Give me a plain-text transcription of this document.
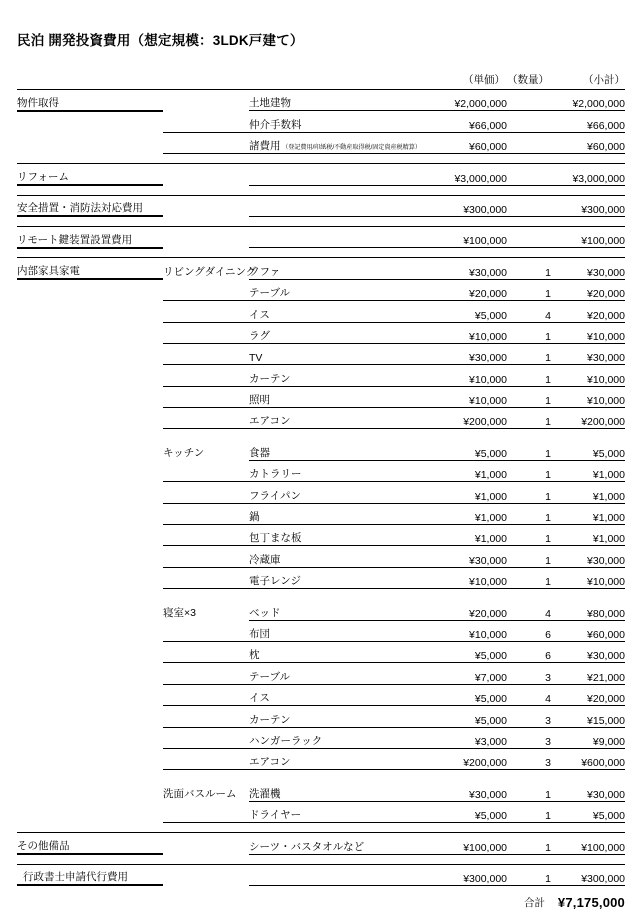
民泊 開発投資費用（想定規模：3LDK戸建て）
			（単価）	（数量）	（小計）
物件取得		土地建物	¥2,000,000		¥2,000,000
		仲介手数料	¥66,000		¥66,000
		諸費用 （登記費用/印紙税/不動産取得税/固定資産税精算）	¥60,000		¥60,000

リフォーム			¥3,000,000		¥3,000,000

安全措置・消防法対応費用			¥300,000		¥300,000

リモート鍵装置設置費用			¥100,000		¥100,000

内部家具家電	リビングダイニング	ソファ	¥30,000	1	¥30,000
		テーブル	¥20,000	1	¥20,000
		イス	¥5,000	4	¥20,000
		ラグ	¥10,000	1	¥10,000
		TV	¥30,000	1	¥30,000
		カーテン	¥10,000	1	¥10,000
		照明	¥10,000	1	¥10,000
		エアコン	¥200,000	1	¥200,000

	キッチン	食器	¥5,000	1	¥5,000
		カトラリー	¥1,000	1	¥1,000
		フライパン	¥1,000	1	¥1,000
		鍋	¥1,000	1	¥1,000
		包丁まな板	¥1,000	1	¥1,000
		冷蔵庫	¥30,000	1	¥30,000
		電子レンジ	¥10,000	1	¥10,000

	寝室×3	ベッド	¥20,000	4	¥80,000
		布団	¥10,000	6	¥60,000
		枕	¥5,000	6	¥30,000
		テーブル	¥7,000	3	¥21,000
		イス	¥5,000	4	¥20,000
		カーテン	¥5,000	3	¥15,000
		ハンガーラック	¥3,000	3	¥9,000
		エアコン	¥200,000	3	¥600,000

	洗面バスルーム	洗濯機	¥30,000	1	¥30,000
		ドライヤー	¥5,000	1	¥5,000

その他備品		シーツ・バスタオルなど	¥100,000	1	¥100,000

行政書士申請代行費用			¥300,000	1	¥300,000
			合計		¥7,175,000
